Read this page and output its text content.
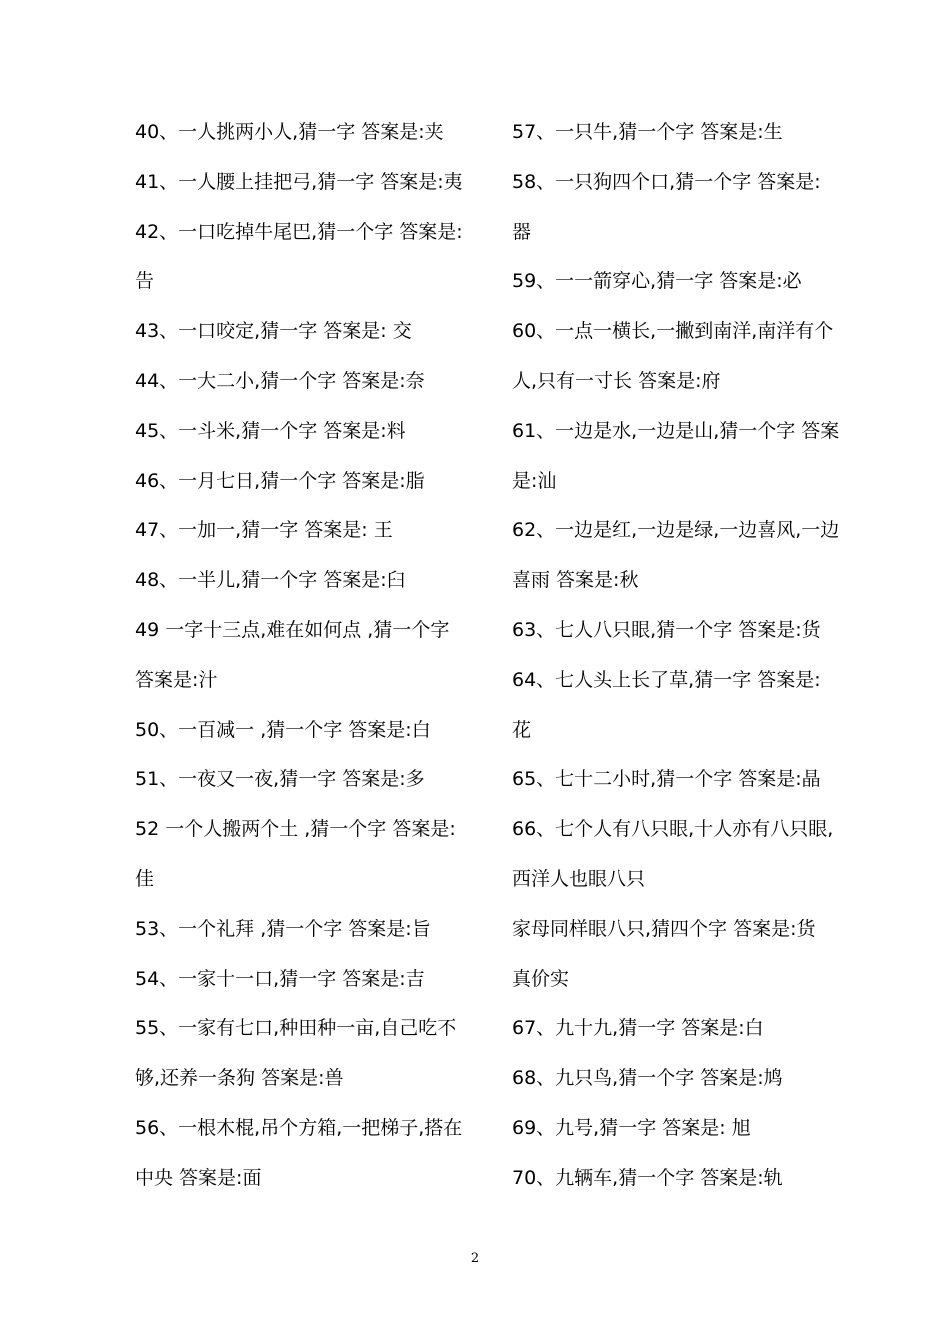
40、一人挑两小人,猜一字 答案是:夹
41、一人腰上挂把弓,猜一字 答案是:夷
42、一口吃掉牛尾巴,猜一个字 答案是:
告
43、一口咬定,猜一字 答案是: 交
44、一大二小,猜一个字 答案是:奈
45、一斗米,猜一个字 答案是:料
46、一月七日,猜一个字 答案是:脂
47、一加一,猜一字 答案是: 王
48、一半儿,猜一个字 答案是:臼
49 一字十三点,难在如何点 ,猜一个字
答案是:汁
50、一百减一 ,猜一个字 答案是:白
51、一夜又一夜,猜一字 答案是:多
52 一个人搬两个土 ,猜一个字 答案是:
佳
53、一个礼拜 ,猜一个字 答案是:旨
54、一家十一口,猜一字 答案是:吉
55、一家有七口,种田种一亩,自己吃不
够,还养一条狗 答案是:兽
56、一根木棍,吊个方箱,一把梯子,搭在
中央 答案是:面
57、一只牛,猜一个字 答案是:生
58、一只狗四个口,猜一个字 答案是:
器
59、一一箭穿心,猜一字 答案是:必
60、一点一横长,一撇到南洋,南洋有个
人,只有一寸长 答案是:府
61、一边是水,一边是山,猜一个字 答案
是:汕
62、一边是红,一边是绿,一边喜风,一边
喜雨 答案是:秋
63、七人八只眼,猜一个字 答案是:货
64、七人头上长了草,猜一字 答案是:
花
65、七十二小时,猜一个字 答案是:晶
66、七个人有八只眼,十人亦有八只眼,
西洋人也眼八只
家母同样眼八只,猜四个字 答案是:货
真价实
67、九十九,猜一字 答案是:白
68、九只鸟,猜一个字 答案是:鸠
69、九号,猜一字 答案是: 旭
70、九辆车,猜一个字 答案是:轨
2
